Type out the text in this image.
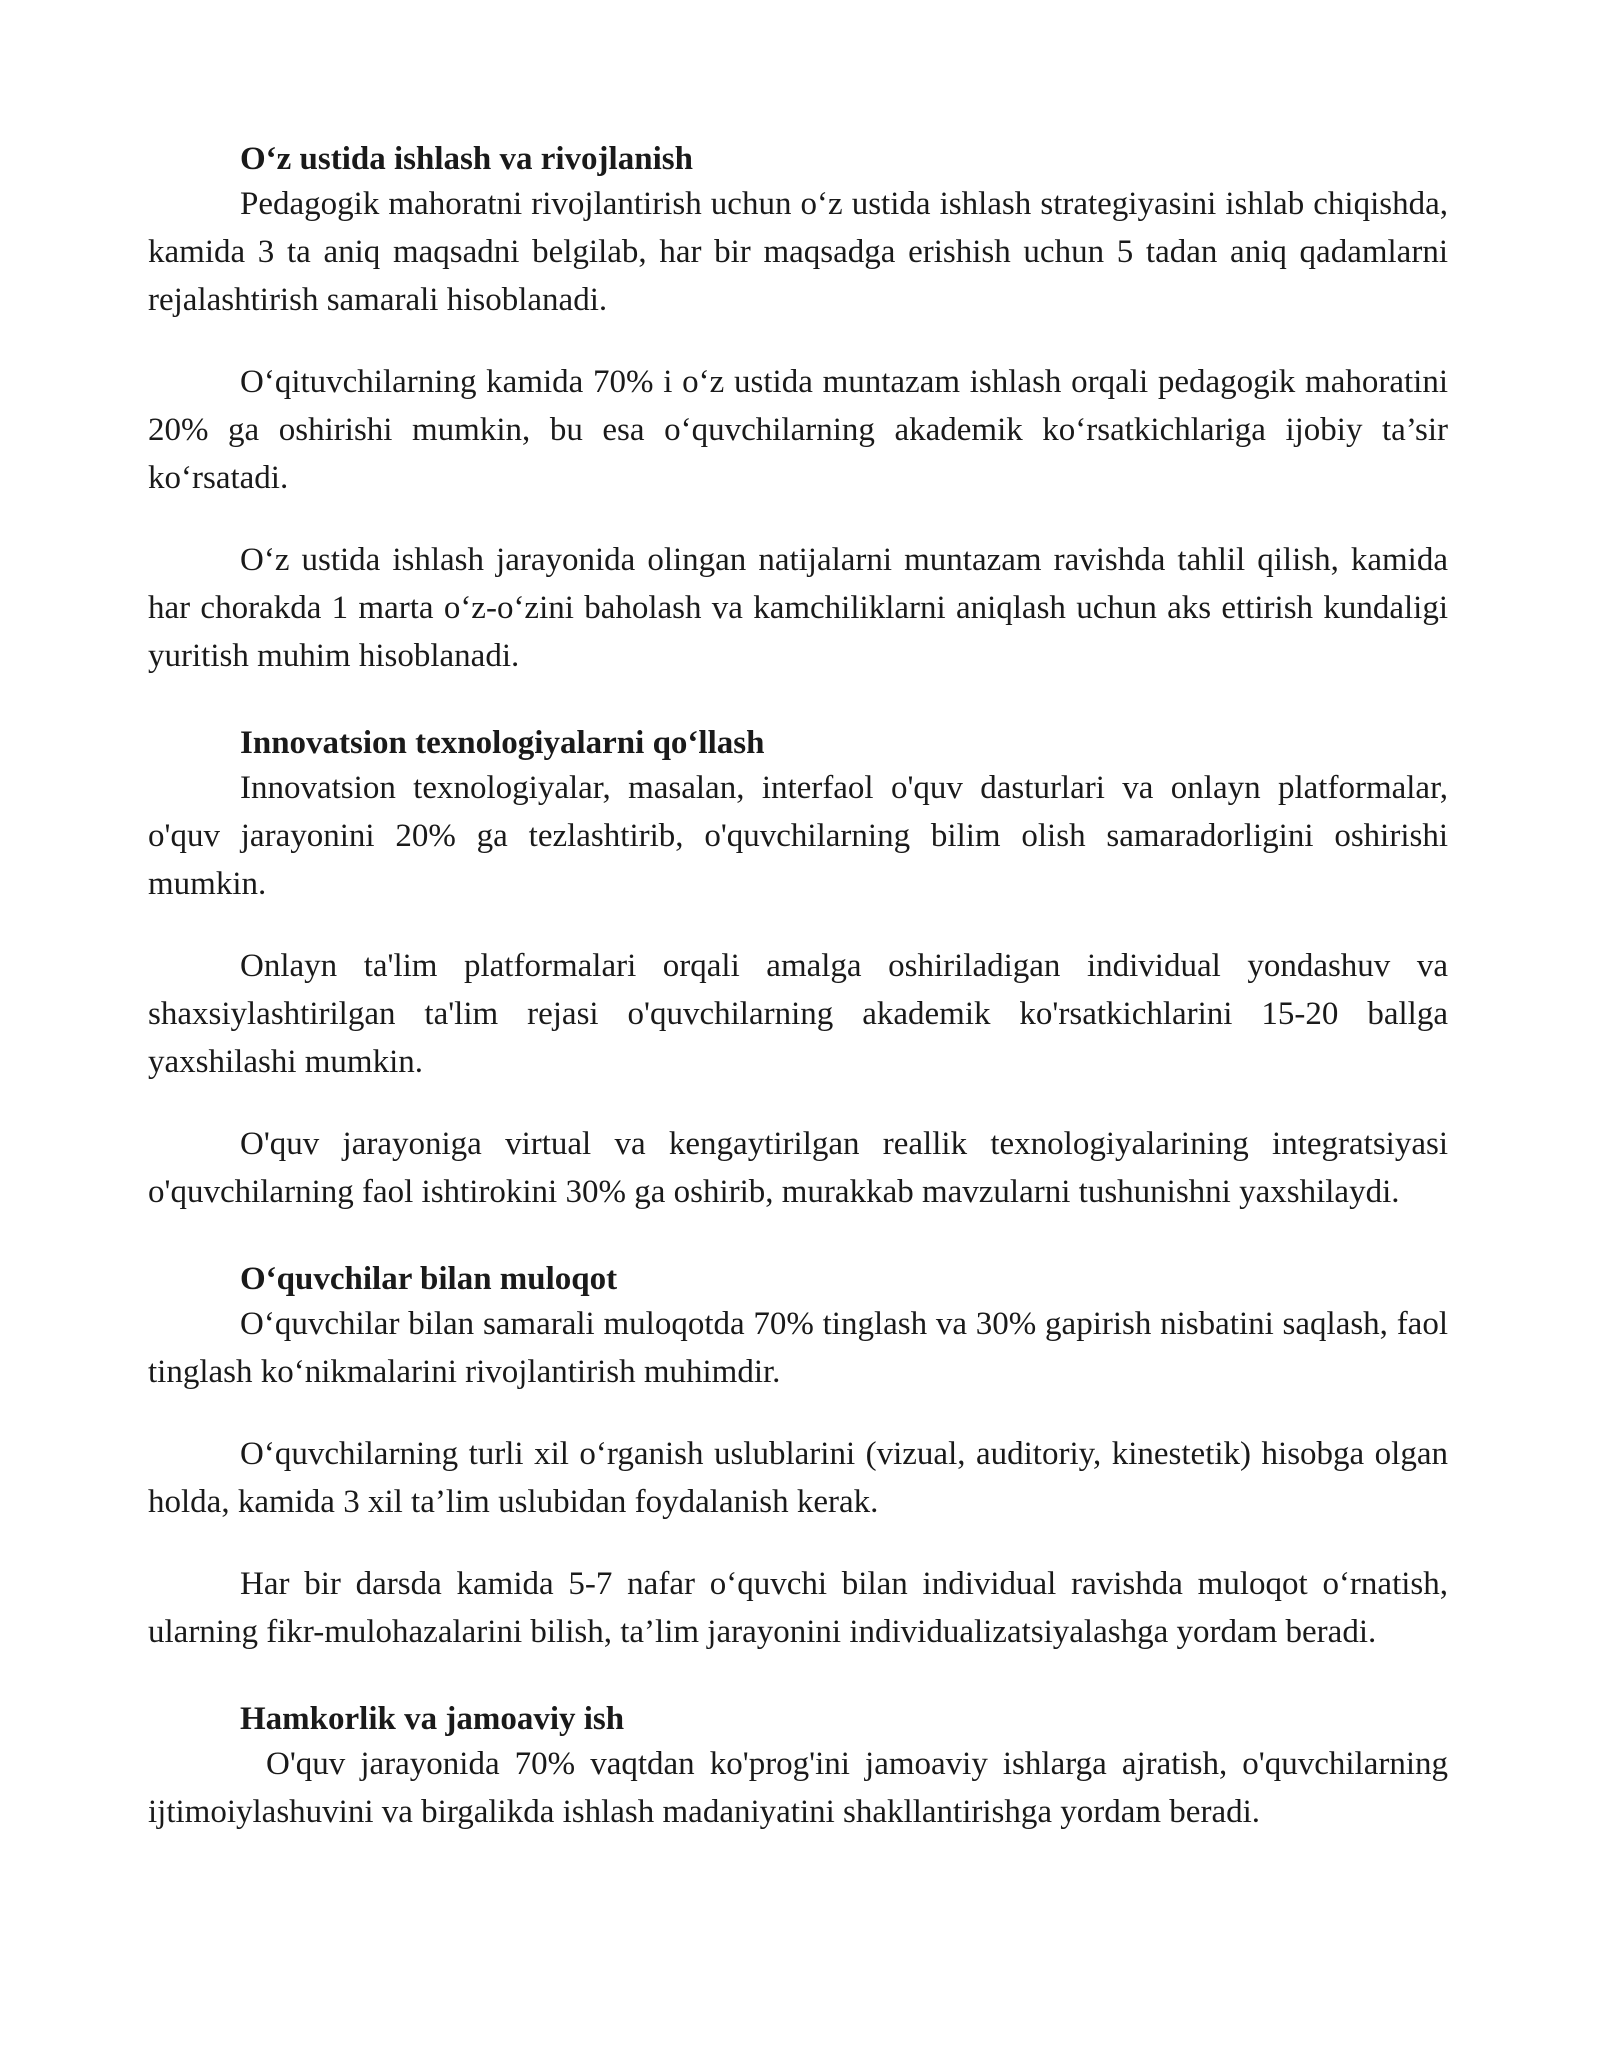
O‘z ustida ishlash va rivojlanish

Pedagogik mahoratni rivojlantirish uchun o‘z ustida ishlash strategiyasini ishlab chiqishda, kamida 3 ta aniq maqsadni belgilab, har bir maqsadga erishish uchun 5 tadan aniq qadamlarni rejalashtirish samarali hisoblanadi.

O‘qituvchilarning kamida 70% i o‘z ustida muntazam ishlash orqali pedagogik mahoratini 20% ga oshirishi mumkin, bu esa o‘quvchilarning akademik ko‘rsatkichlariga ijobiy ta’sir ko‘rsatadi.

O‘z ustida ishlash jarayonida olingan natijalarni muntazam ravishda tahlil qilish, kamida har chorakda 1 marta o‘z-o‘zini baholash va kamchiliklarni aniqlash uchun aks ettirish kundaligi yuritish muhim hisoblanadi.

Innovatsion texnologiyalarni qo‘llash

Innovatsion texnologiyalar, masalan, interfaol o'quv dasturlari va onlayn platformalar, o'quv jarayonini 20% ga tezlashtirib, o'quvchilarning bilim olish samaradorligini oshirishi mumkin.

Onlayn ta'lim platformalari orqali amalga oshiriladigan individual yondashuv va shaxsiylashtirilgan ta'lim rejasi o'quvchilarning akademik ko'rsatkichlarini 15-20 ballga yaxshilashi mumkin.

O'quv jarayoniga virtual va kengaytirilgan reallik texnologiyalarining integratsiyasi o'quvchilarning faol ishtirokini 30% ga oshirib, murakkab mavzularni tushunishni yaxshilaydi.

O‘quvchilar bilan muloqot

O‘quvchilar bilan samarali muloqotda 70% tinglash va 30% gapirish nisbatini saqlash, faol tinglash ko‘nikmalarini rivojlantirish muhimdir.

O‘quvchilarning turli xil o‘rganish uslublarini (vizual, auditoriy, kinestetik) hisobga olgan holda, kamida 3 xil ta’lim uslubidan foydalanish kerak.

Har bir darsda kamida 5-7 nafar o‘quvchi bilan individual ravishda muloqot o‘rnatish, ularning fikr-mulohazalarini bilish, ta’lim jarayonini individualizatsiyalashga yordam beradi.

Hamkorlik va jamoaviy ish

O'quv jarayonida 70% vaqtdan ko'prog'ini jamoaviy ishlarga ajratish, o'quvchilarning ijtimoiylashuvini va birgalikda ishlash madaniyatini shakllantirishga yordam beradi.
